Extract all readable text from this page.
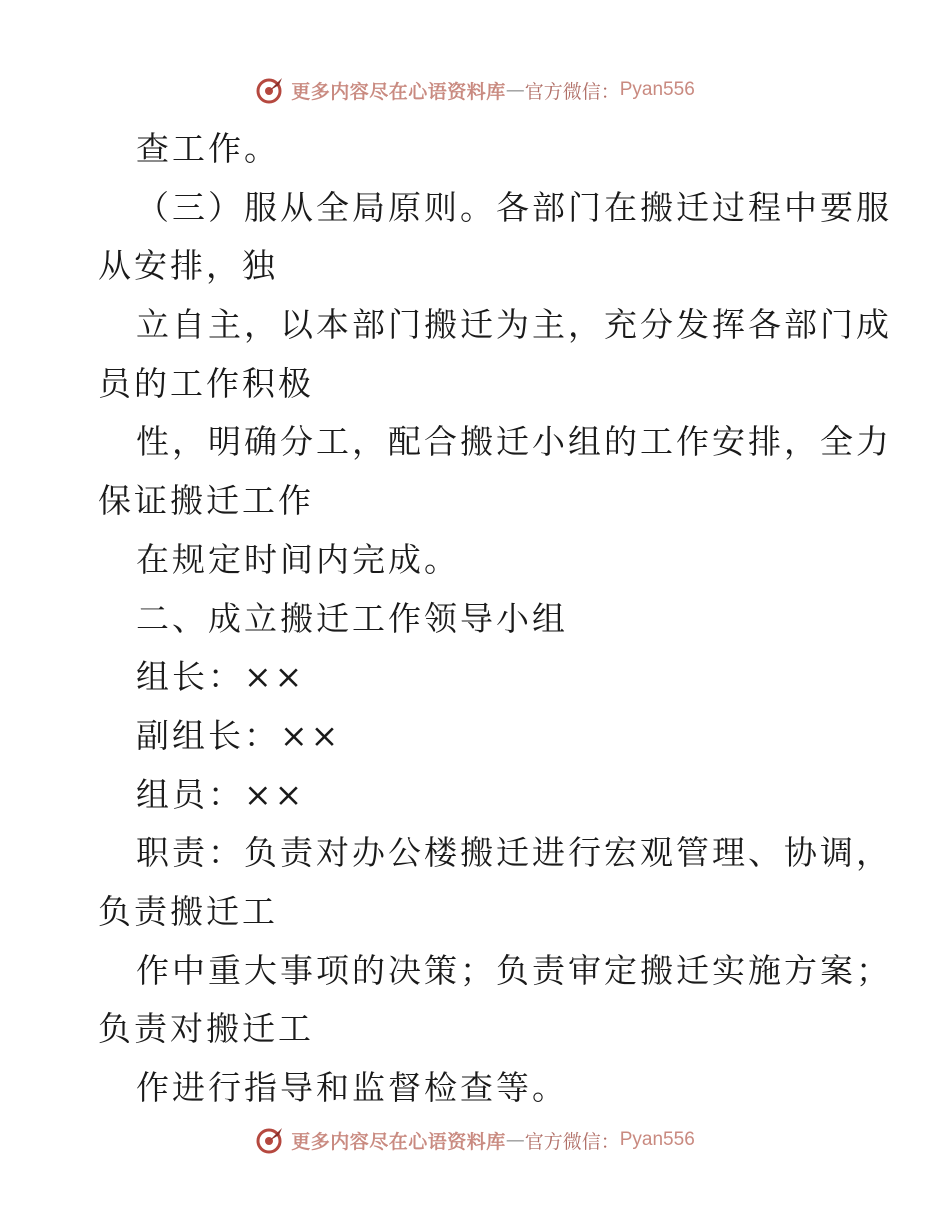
更多内容尽在心语资料库 — 官方微信： Pyan556
查工作。
（三）服从全局原则。各部门在搬迁过程中要服
从安排，独
立自主，以本部门搬迁为主，充分发挥各部门成
员的工作积极
性，明确分工，配合搬迁小组的工作安排，全力
保证搬迁工作
在规定时间内完成。
二、成立搬迁工作领导小组
组长：××
副组长：××
组员：××
职责：负责对办公楼搬迁进行宏观管理、协调，
负责搬迁工
作中重大事项的决策；负责审定搬迁实施方案；
负责对搬迁工
作进行指导和监督检查等。
更多内容尽在心语资料库 — 官方微信： Pyan556
